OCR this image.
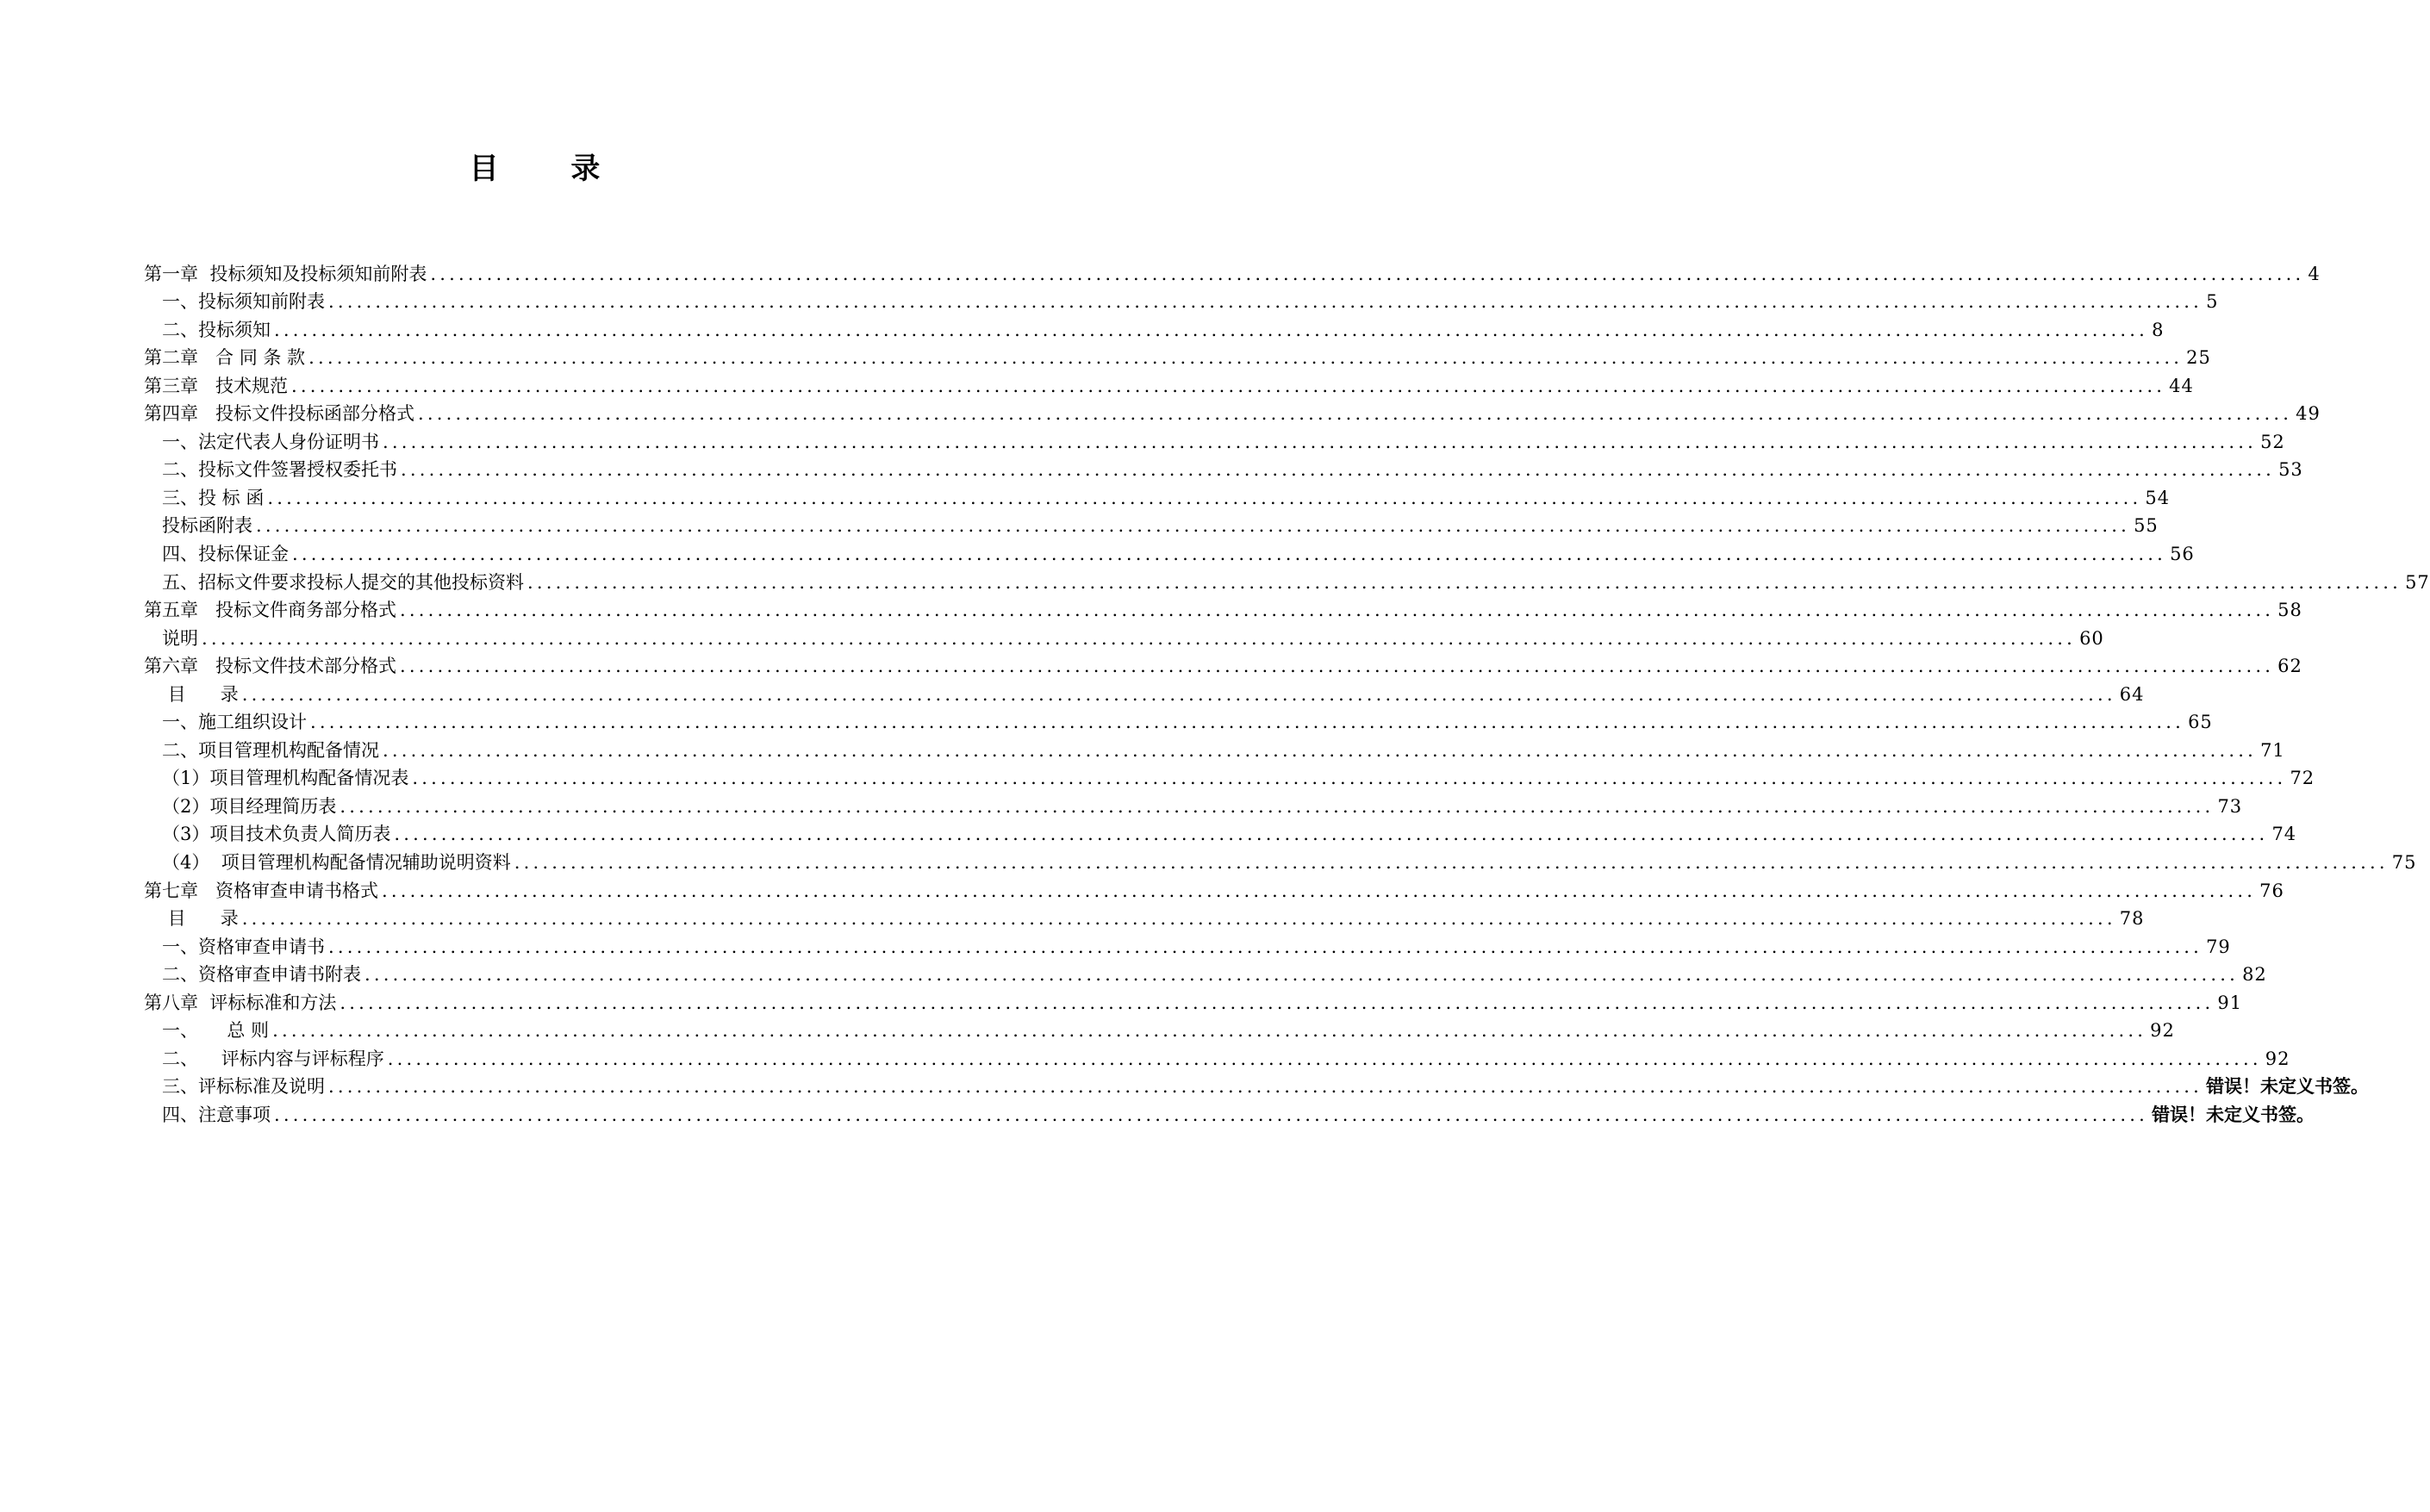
目 录
第一章  投标须知及投标须知前附表 ........................................................................................................................................................................................................ 4
一、投标须知前附表 ........................................................................................................................................................................................................ 5
二、投标须知 ........................................................................................................................................................................................................ 8
第二章   合 同 条 款 ........................................................................................................................................................................................................ 25
第三章   技术规范 ........................................................................................................................................................................................................ 44
第四章   投标文件投标函部分格式 ........................................................................................................................................................................................................ 49
一、法定代表人身份证明书 ........................................................................................................................................................................................................ 52
二、投标文件签署授权委托书 ........................................................................................................................................................................................................ 53
三、投 标 函 ........................................................................................................................................................................................................ 54
投标函附表 ........................................................................................................................................................................................................ 55
四、投标保证金 ........................................................................................................................................................................................................ 56
五、招标文件要求投标人提交的其他投标资料 ........................................................................................................................................................................................................ 57
第五章   投标文件商务部分格式 ........................................................................................................................................................................................................ 58
说明 ........................................................................................................................................................................................................ 60
第六章   投标文件技术部分格式 ........................................................................................................................................................................................................ 62
目      录 ........................................................................................................................................................................................................ 64
一、施工组织设计 ........................................................................................................................................................................................................ 65
二、项目管理机构配备情况 ........................................................................................................................................................................................................ 71
（1）项目管理机构配备情况表 ........................................................................................................................................................................................................ 72
（2）项目经理简历表 ........................................................................................................................................................................................................ 73
（3）项目技术负责人简历表 ........................................................................................................................................................................................................ 74
（4）  项目管理机构配备情况辅助说明资料 ........................................................................................................................................................................................................ 75
第七章   资格审查申请书格式 ........................................................................................................................................................................................................ 76
目      录 ........................................................................................................................................................................................................ 78
一、资格审查申请书 ........................................................................................................................................................................................................ 79
二、资格审查申请书附表 ........................................................................................................................................................................................................ 82
第八章  评标标准和方法 ........................................................................................................................................................................................................ 91
一、     总 则 ........................................................................................................................................................................................................ 92
二、    评标内容与评标程序 ........................................................................................................................................................................................................ 92
三、评标标准及说明 ........................................................................................................................................................................................................ 错误！未定义书签。
四、注意事项 ........................................................................................................................................................................................................ 错误！未定义书签。
